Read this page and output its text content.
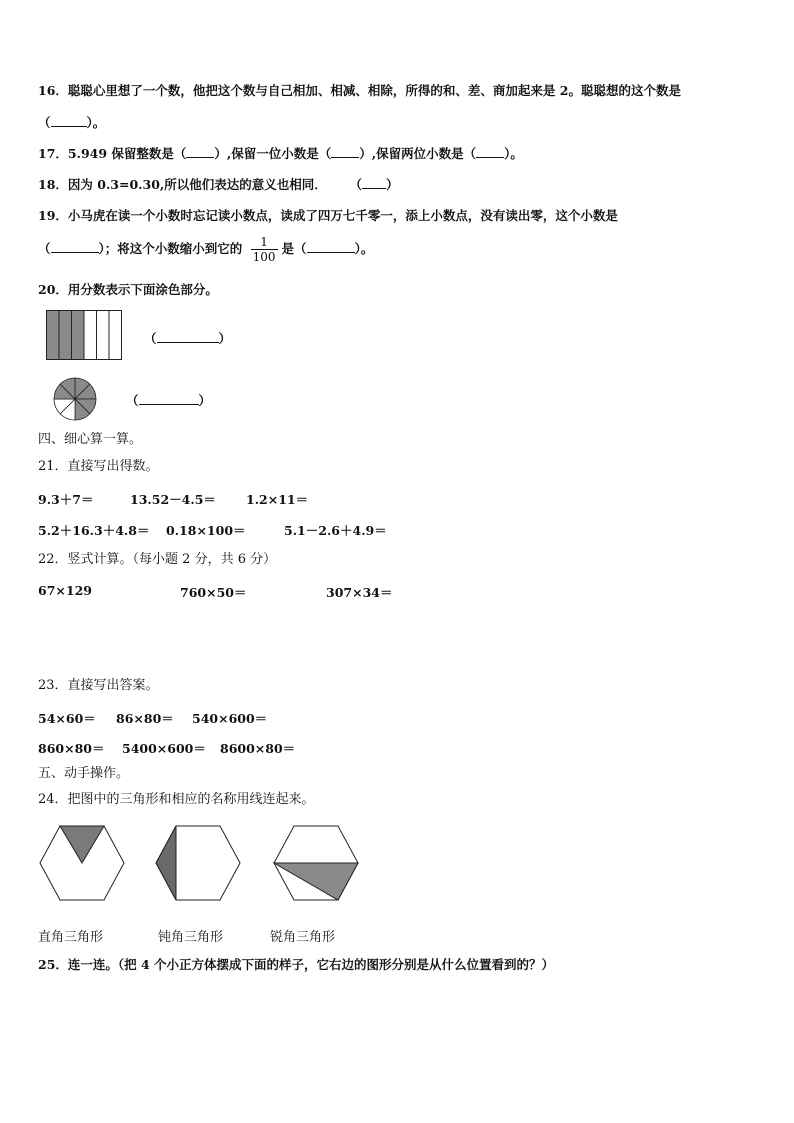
16．聪聪心里想了一个数，他把这个数与自己相加、相减、相除，所得的和、差、商加起来是 2。聪聪想的这个数是
（	）。
17．5.949 保留整数是（ ）,保留一位小数是（ ）,保留两位小数是（ ）。
18．因为 0.3=0.30,所以他们表达的意义也相同． （ ）
19．小马虎在读一个小数时忘记读小数点，读成了四万七千零一，添上小数点，没有读出零，这个小数是
（	）；将这个小数缩小到它的 $\frac{1}{100}$ 是（	）。
20．用分数表示下面涂色部分。
（	）
（	）
四、细心算一算。
21．直接写出得数。
9.3＋7＝	13.52－4.5＝ 1.2×11＝
5.2＋16.3＋4.8＝ 0.18×100＝	5.1－2.6＋4.9＝
22．竖式计算。（每小题 2 分，共 6 分）
67×129	760×50＝	307×34＝
23．直接写出答案。
54×60＝ 86×80＝ 540×600＝
860×80＝ 5400×600＝ 8600×80＝
五、动手操作。
24．把图中的三角形和相应的名称用线连起来。
直角三角形	钝角三角形	锐角三角形
25．连一连。（把 4 个小正方体摆成下面的样子，它右边的图形分别是从什么位置看到的？）
